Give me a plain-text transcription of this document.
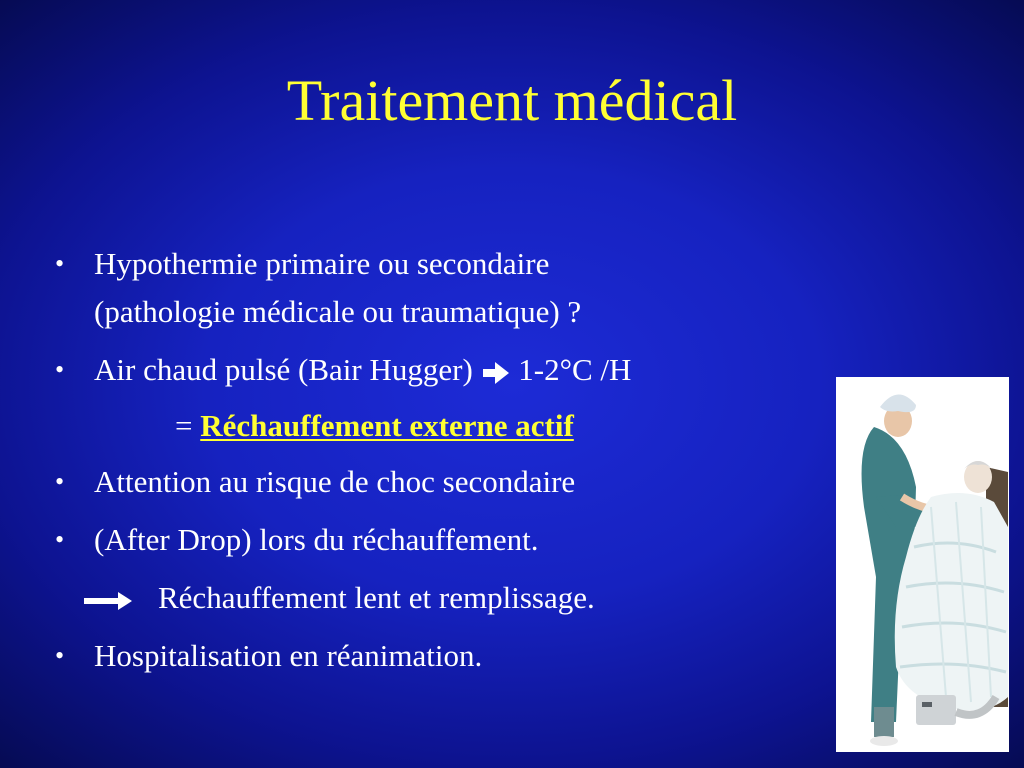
Traitement médical
• Hypothermie primaire ou secondaire
(pathologie médicale ou traumatique) ?
• Air chaud pulsé (Bair Hugger) 1-2°C /H
= Réchauffement externe actif
• Attention au risque de choc secondaire
• (After Drop) lors du réchauffement.
Réchauffement lent et remplissage.
• Hospitalisation en réanimation.
